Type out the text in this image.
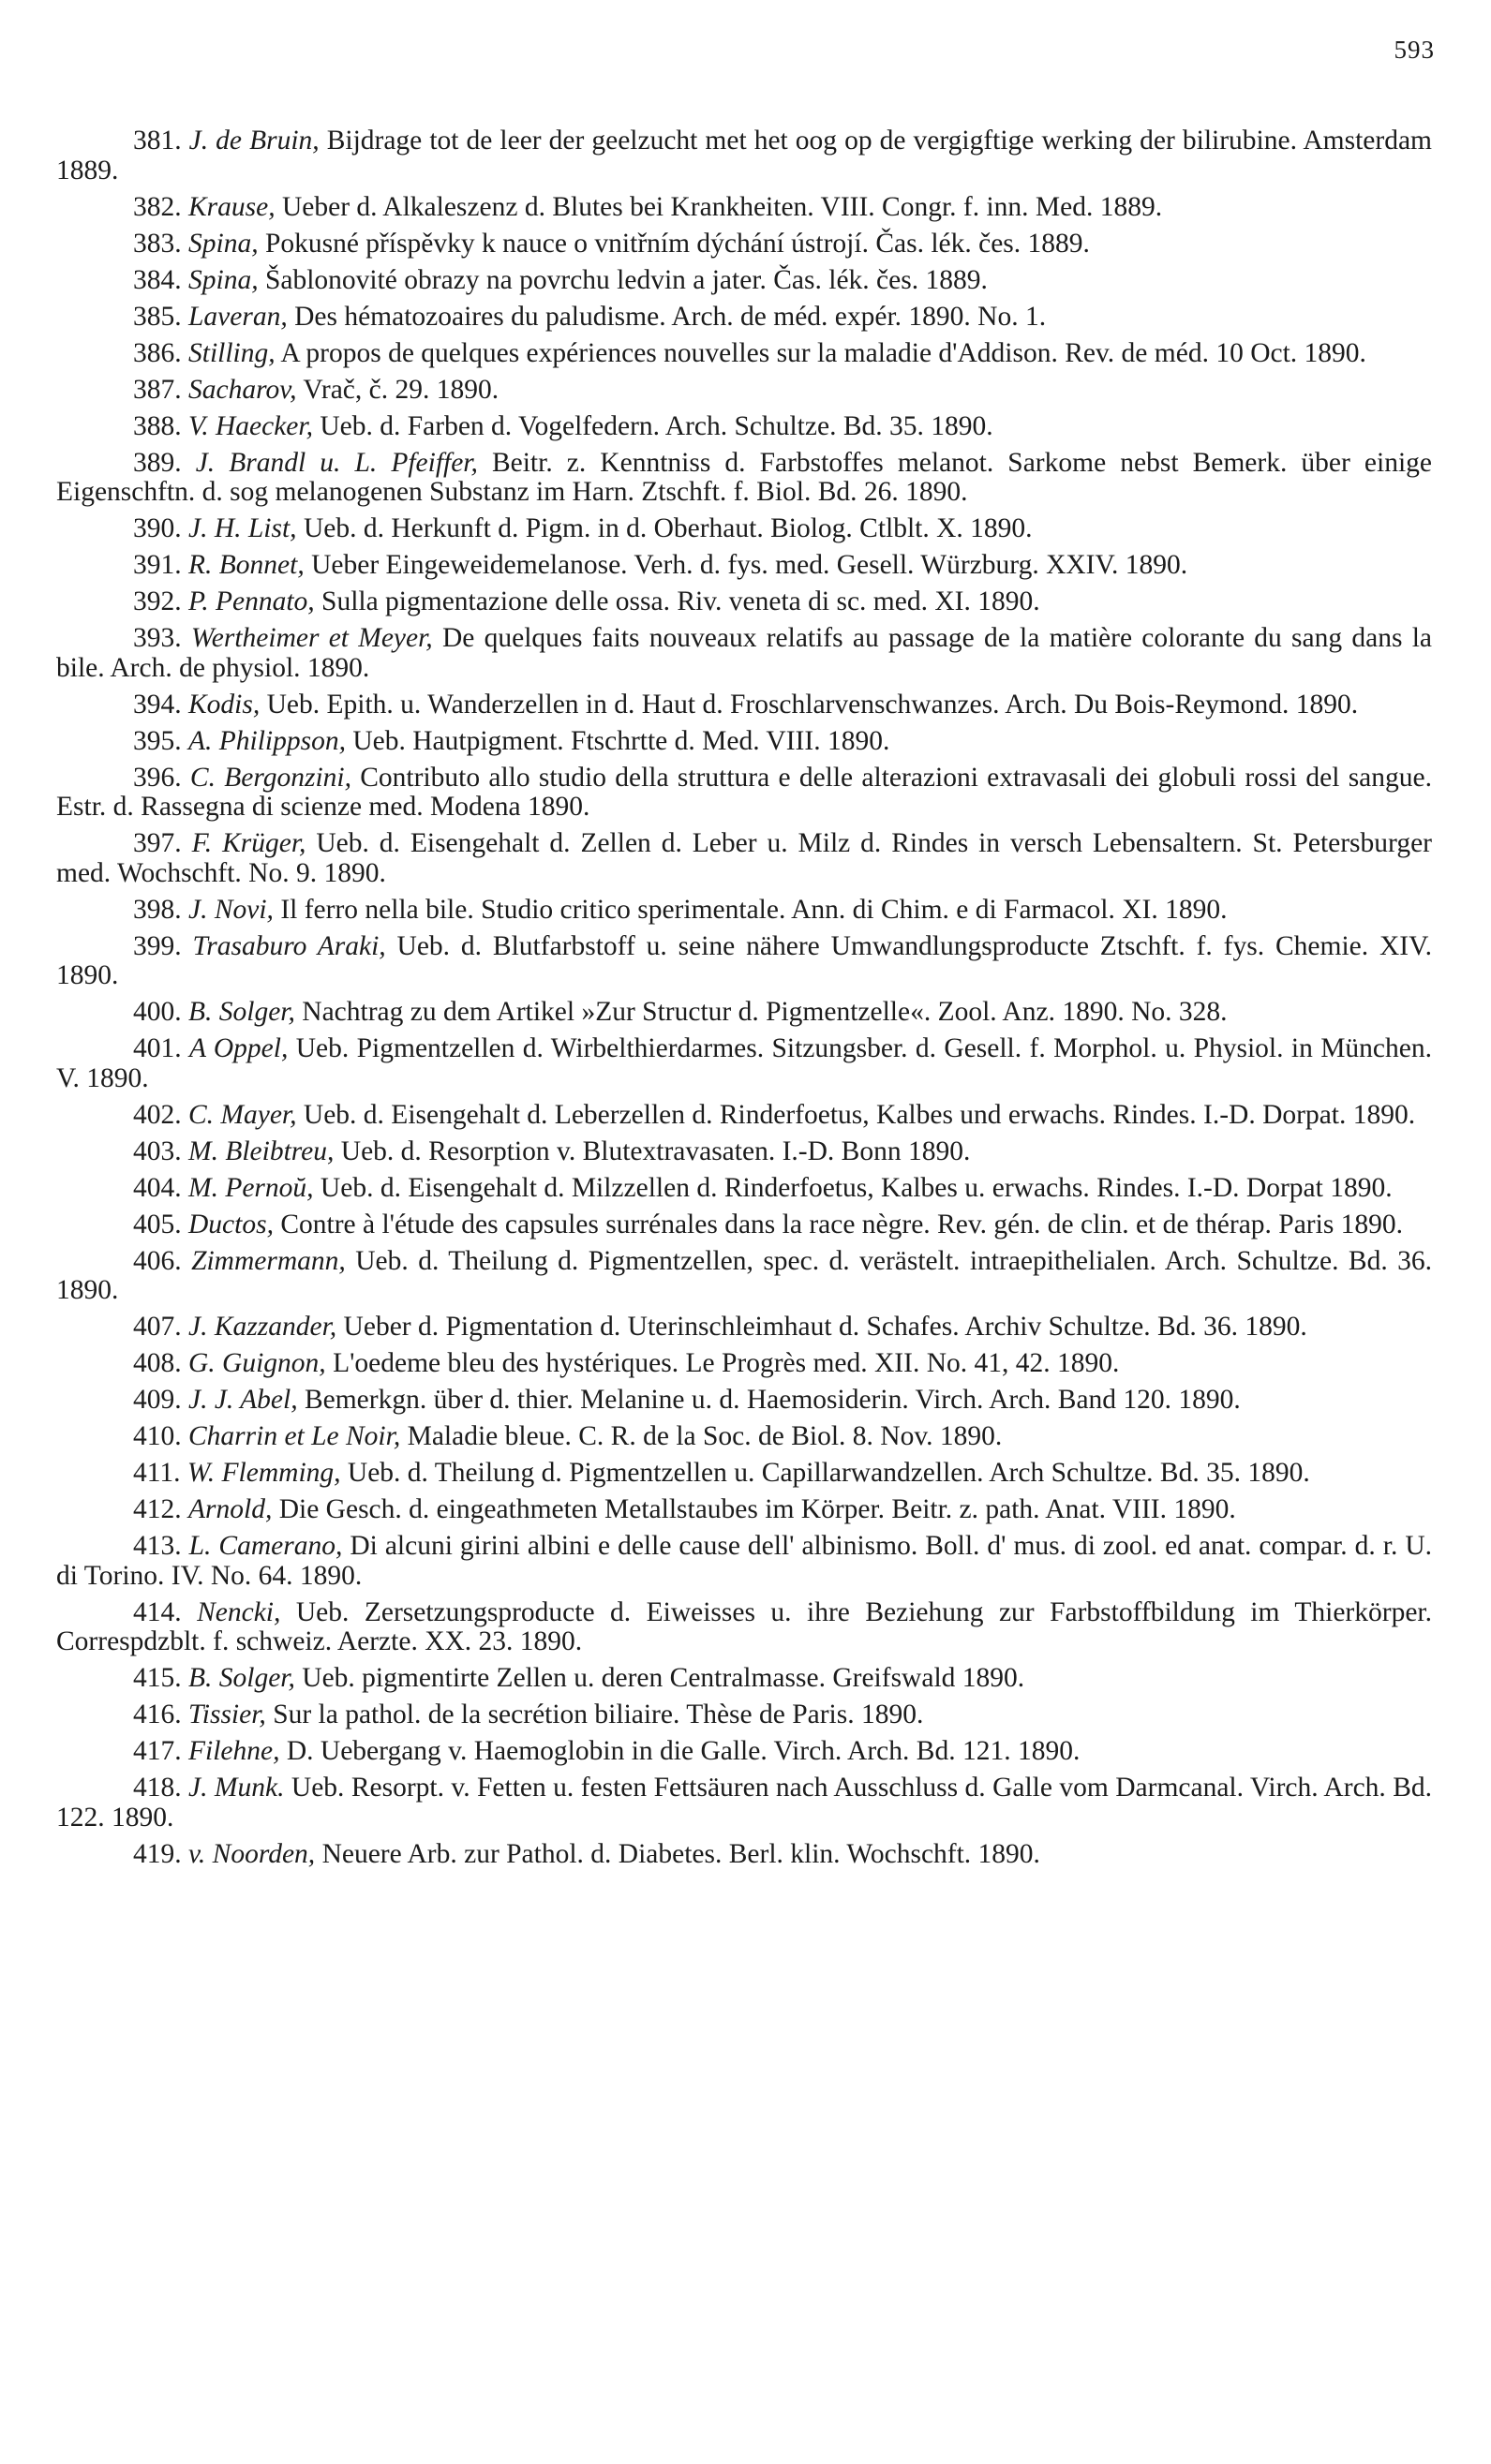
593

381. J. de Bruin, Bijdrage tot de leer der geelzucht met het oog op de vergigftige werking der bilirubine. Amsterdam 1889.

382. Krause, Ueber d. Alkaleszenz d. Blutes bei Krankheiten. VIII. Congr. f. inn. Med. 1889.

383. Spina, Pokusné příspěvky k nauce o vnitřním dýchání ústrojí. Čas. lék. čes. 1889.

384. Spina, Šablonovité obrazy na povrchu ledvin a jater. Čas. lék. čes. 1889.

385. Laveran, Des hématozoaires du paludisme. Arch. de méd. expér. 1890. No. 1.

386. Stilling, A propos de quelques expériences nouvelles sur la maladie d'Addison. Rev. de méd. 10 Oct. 1890.

387. Sacharov, Vrač, č. 29. 1890.

388. V. Haecker, Ueb. d. Farben d. Vogelfedern. Arch. Schultze. Bd. 35. 1890.

389. J. Brandl u. L. Pfeiffer, Beitr. z. Kenntniss d. Farbstoffes melanot. Sarkome nebst Bemerk. über einige Eigenschftn. d. sog melanogenen Substanz im Harn. Ztschft. f. Biol. Bd. 26. 1890.

390. J. H. List, Ueb. d. Herkunft d. Pigm. in d. Oberhaut. Biolog. Ctlblt. X. 1890.

391. R. Bonnet, Ueber Eingeweidemelanose. Verh. d. fys. med. Gesell. Würzburg. XXIV. 1890.

392. P. Pennato, Sulla pigmentazione delle ossa. Riv. veneta di sc. med. XI. 1890.

393. Wertheimer et Meyer, De quelques faits nouveaux relatifs au passage de la matière colorante du sang dans la bile. Arch. de physiol. 1890.

394. Kodis, Ueb. Epith. u. Wanderzellen in d. Haut d. Froschlarvenschwanzes. Arch. Du Bois-Reymond. 1890.

395. A. Philippson, Ueb. Hautpigment. Ftschrtte d. Med. VIII. 1890.

396. C. Bergonzini, Contributo allo studio della struttura e delle alterazioni extravasali dei globuli rossi del sangue. Estr. d. Rassegna di scienze med. Modena 1890.

397. F. Krüger, Ueb. d. Eisengehalt d. Zellen d. Leber u. Milz d. Rindes in versch Lebensaltern. St. Petersburger med. Wochschft. No. 9. 1890.

398. J. Novi, Il ferro nella bile. Studio critico sperimentale. Ann. di Chim. e di Farmacol. XI. 1890.

399. Trasaburo Araki, Ueb. d. Blutfarbstoff u. seine nähere Umwandlungsproducte Ztschft. f. fys. Chemie. XIV. 1890.

400. B. Solger, Nachtrag zu dem Artikel »Zur Structur d. Pigmentzelle«. Zool. Anz. 1890. No. 328.

401. A Oppel, Ueb. Pigmentzellen d. Wirbelthierdarmes. Sitzungsber. d. Gesell. f. Morphol. u. Physiol. in München. V. 1890.

402. C. Mayer, Ueb. d. Eisengehalt d. Leberzellen d. Rinderfoetus, Kalbes und erwachs. Rindes. I.-D. Dorpat. 1890.

403. M. Bleibtreu, Ueb. d. Resorption v. Blutextravasaten. I.-D. Bonn 1890.

404. M. Pernoŭ, Ueb. d. Eisengehalt d. Milzzellen d. Rinderfoetus, Kalbes u. erwachs. Rindes. I.-D. Dorpat 1890.

405. Ductos, Contre à l'étude des capsules surrénales dans la race nègre. Rev. gén. de clin. et de thérap. Paris 1890.

406. Zimmermann, Ueb. d. Theilung d. Pigmentzellen, spec. d. verästelt. intraepithelialen. Arch. Schultze. Bd. 36. 1890.

407. J. Kazzander, Ueber d. Pigmentation d. Uterinschleimhaut d. Schafes. Archiv Schultze. Bd. 36. 1890.

408. G. Guignon, L'oedeme bleu des hystériques. Le Progrès med. XII. No. 41, 42. 1890.

409. J. J. Abel, Bemerkgn. über d. thier. Melanine u. d. Haemosiderin. Virch. Arch. Band 120. 1890.

410. Charrin et Le Noir, Maladie bleue. C. R. de la Soc. de Biol. 8. Nov. 1890.

411. W. Flemming, Ueb. d. Theilung d. Pigmentzellen u. Capillarwandzellen. Arch Schultze. Bd. 35. 1890.

412. Arnold, Die Gesch. d. eingeathmeten Metallstaubes im Körper. Beitr. z. path. Anat. VIII. 1890.

413. L. Camerano, Di alcuni girini albini e delle cause dell' albinismo. Boll. d' mus. di zool. ed anat. compar. d. r. U. di Torino. IV. No. 64. 1890.

414. Nencki, Ueb. Zersetzungsproducte d. Eiweisses u. ihre Beziehung zur Farbstoffbildung im Thierkörper. Correspdzblt. f. schweiz. Aerzte. XX. 23. 1890.

415. B. Solger, Ueb. pigmentirte Zellen u. deren Centralmasse. Greifswald 1890.

416. Tissier, Sur la pathol. de la secrétion biliaire. Thèse de Paris. 1890.

417. Filehne, D. Uebergang v. Haemoglobin in die Galle. Virch. Arch. Bd. 121. 1890.

418. J. Munk. Ueb. Resorpt. v. Fetten u. festen Fettsäuren nach Ausschluss d. Galle vom Darmcanal. Virch. Arch. Bd. 122. 1890.

419. v. Noorden, Neuere Arb. zur Pathol. d. Diabetes. Berl. klin. Wochschft. 1890.
